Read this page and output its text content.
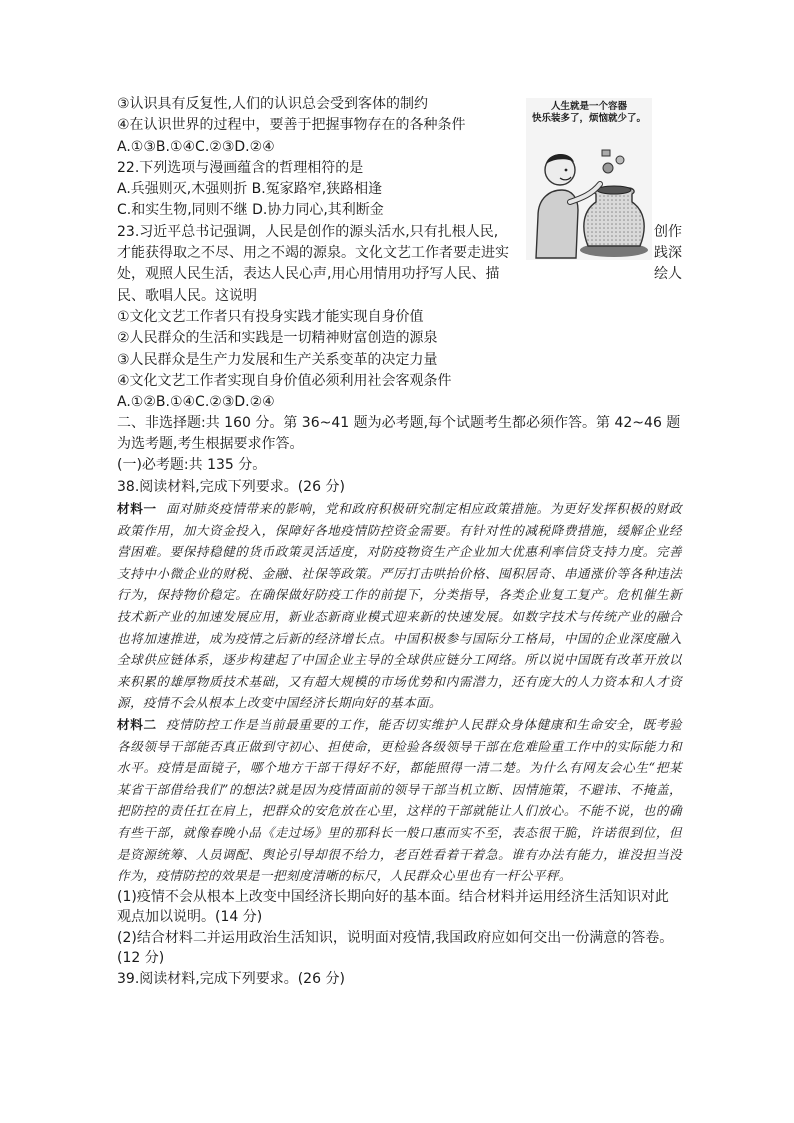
人生就是一个容器
快乐装多了，烦恼就少了。
③认识具有反复性,人们的认识总会受到客体的制约
④在认识世界的过程中，要善于把握事物存在的各种条件
A.①③B.①④C.②③D.②④
22.下列选项与漫画蕴含的哲理相符的是
A.兵强则灭,木强则折 B.冤家路窄,狭路相逢
C.和实生物,同则不继 D.协力同心,其利断金
23.习近平总书记强调，人民是创作的源头活水,只有扎根人民,	创作
才能获得取之不尽、用之不竭的源泉。文化文艺工作者要走进实	践深
处，观照人民生活，表达人民心声,用心用情用功抒写人民、描	绘人
民、歌唱人民。这说明
①文化文艺工作者只有投身实践才能实现自身价值
②人民群众的生活和实践是一切精神财富创造的源泉
③人民群众是生产力发展和生产关系变革的决定力量
④文化文艺工作者实现自身价值必须利用社会客观条件
A.①②B.①④C.②③D.②④
二、非选择题:共 160 分。第 36~41 题为必考题,每个试题考生都必须作答。第 42~46 题为选考题,考生根据要求作答。
(一)必考题:共 135 分。
38.阅读材料,完成下列要求。(26 分)
材料一 面对肺炎疫情带来的影响，党和政府积极研究制定相应政策措施。为更好发挥积极的财政政策作用，加大资金投入，保障好各地疫情防控资金需要。有针对性的减税降费措施，缓解企业经营困难。要保持稳健的货币政策灵活适度，对防疫物资生产企业加大优惠利率信贷支持力度。完善支持中小微企业的财税、金融、社保等政策。严厉打击哄抬价格、囤积居奇、串通涨价等各种违法行为，保持物价稳定。在确保做好防疫工作的前提下，分类指导，各类企业复工复产。危机催生新技术新产业的加速发展应用，新业态新商业模式迎来新的快速发展。如数字技术与传统产业的融合也将加速推进，成为疫情之后新的经济增长点。中国积极参与国际分工格局，中国的企业深度融入全球供应链体系，逐步构建起了中国企业主导的全球供应链分工网络。所以说中国既有改革开放以来积累的雄厚物质技术基础，又有超大规模的市场优势和内需潜力，还有庞大的人力资本和人才资源，疫情不会从根本上改变中国经济长期向好的基本面。
材料二 疫情防控工作是当前最重要的工作，能否切实维护人民群众身体健康和生命安全，既考验各级领导干部能否真正做到守初心、担使命，更检验各级领导干部在危难险重工作中的实际能力和水平。疫情是面镜子，哪个地方干部干得好不好，都能照得一清二楚。为什么有网友会心生“把某某省干部借给我们”的想法?就是因为疫情面前的领导干部当机立断、因情施策，不避讳、不掩盖，把防控的责任扛在肩上，把群众的安危放在心里，这样的干部就能让人们放心。不能不说，也的确有些干部，就像春晚小品《走过场》里的那科长一般口惠而实不至，表态很干脆，许诺很到位，但是资源统筹、人员调配、舆论引导却很不给力，老百姓看着干着急。谁有办法有能力，谁没担当没作为，疫情防控的效果是一把刻度清晰的标尺，人民群众心里也有一杆公平秤。
(1)疫情不会从根本上改变中国经济长期向好的基本面。结合材料并运用经济生活知识对此观点加以说明。(14 分)
(2)结合材料二并运用政治生活知识，说明面对疫情,我国政府应如何交出一份满意的答卷。(12 分)
39.阅读材料,完成下列要求。(26 分)
